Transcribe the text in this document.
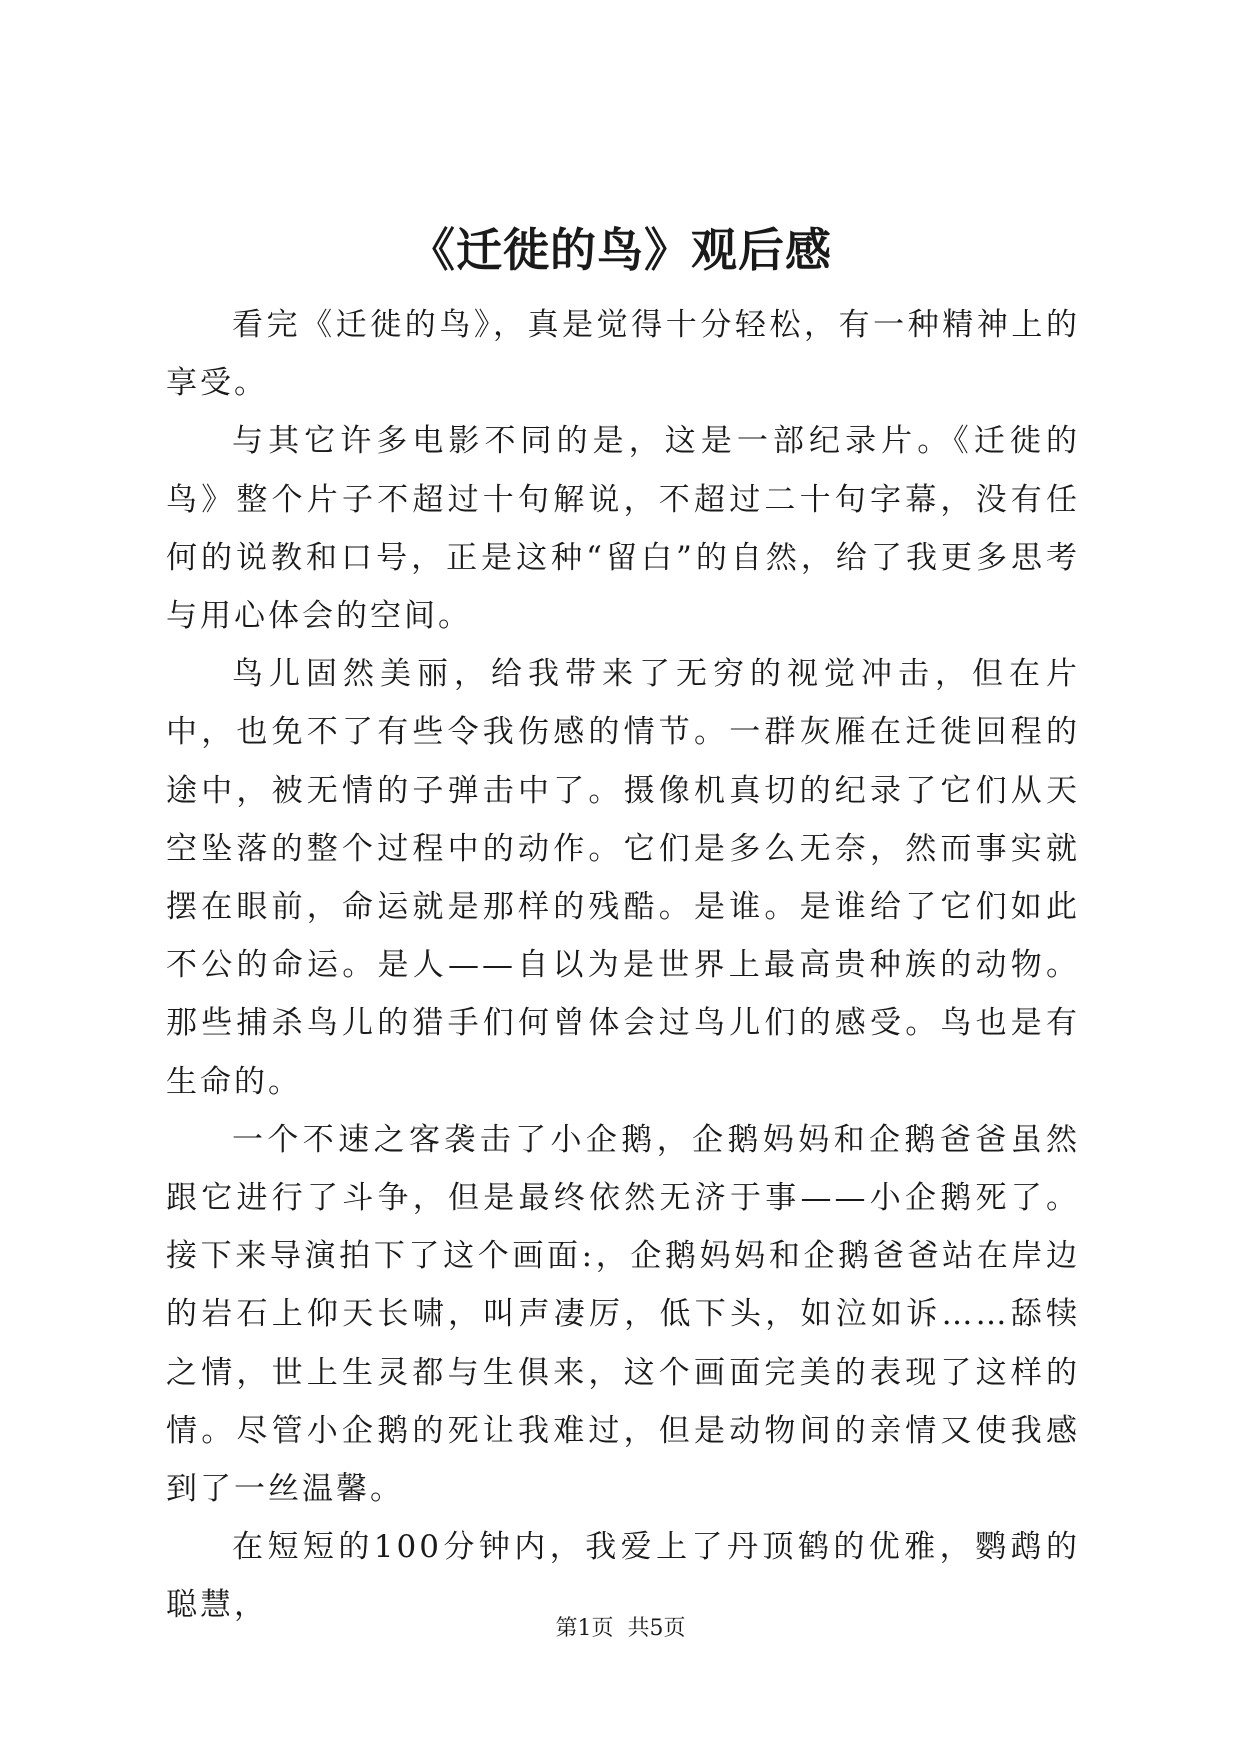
《迁徙的鸟》观后感

看完《迁徙的鸟》，真是觉得十分轻松，有一种精神上的享受。

与其它许多电影不同的是，这是一部纪录片。《迁徙的鸟》整个片子不超过十句解说，不超过二十句字幕，没有任何的说教和口号，正是这种“留白”的自然，给了我更多思考与用心体会的空间。

鸟儿固然美丽，给我带来了无穷的视觉冲击，但在片中，也免不了有些令我伤感的情节。一群灰雁在迁徙回程的途中，被无情的子弹击中了。摄像机真切的纪录了它们从天空坠落的整个过程中的动作。它们是多么无奈，然而事实就摆在眼前，命运就是那样的残酷。是谁。是谁给了它们如此不公的命运。是人——自以为是世界上最高贵种族的动物。那些捕杀鸟儿的猎手们何曾体会过鸟儿们的感受。鸟也是有生命的。

一个不速之客袭击了小企鹅，企鹅妈妈和企鹅爸爸虽然跟它进行了斗争，但是最终依然无济于事——小企鹅死了。接下来导演拍下了这个画面:，企鹅妈妈和企鹅爸爸站在岸边的岩石上仰天长啸，叫声凄厉，低下头，如泣如诉……舔犊之情，世上生灵都与生俱来，这个画面完美的表现了这样的情。尽管小企鹅的死让我难过，但是动物间的亲情又使我感到了一丝温馨。

在短短的100分钟内，我爱上了丹顶鹤的优雅，鹦鹉的聪慧，

第1页 共5页
